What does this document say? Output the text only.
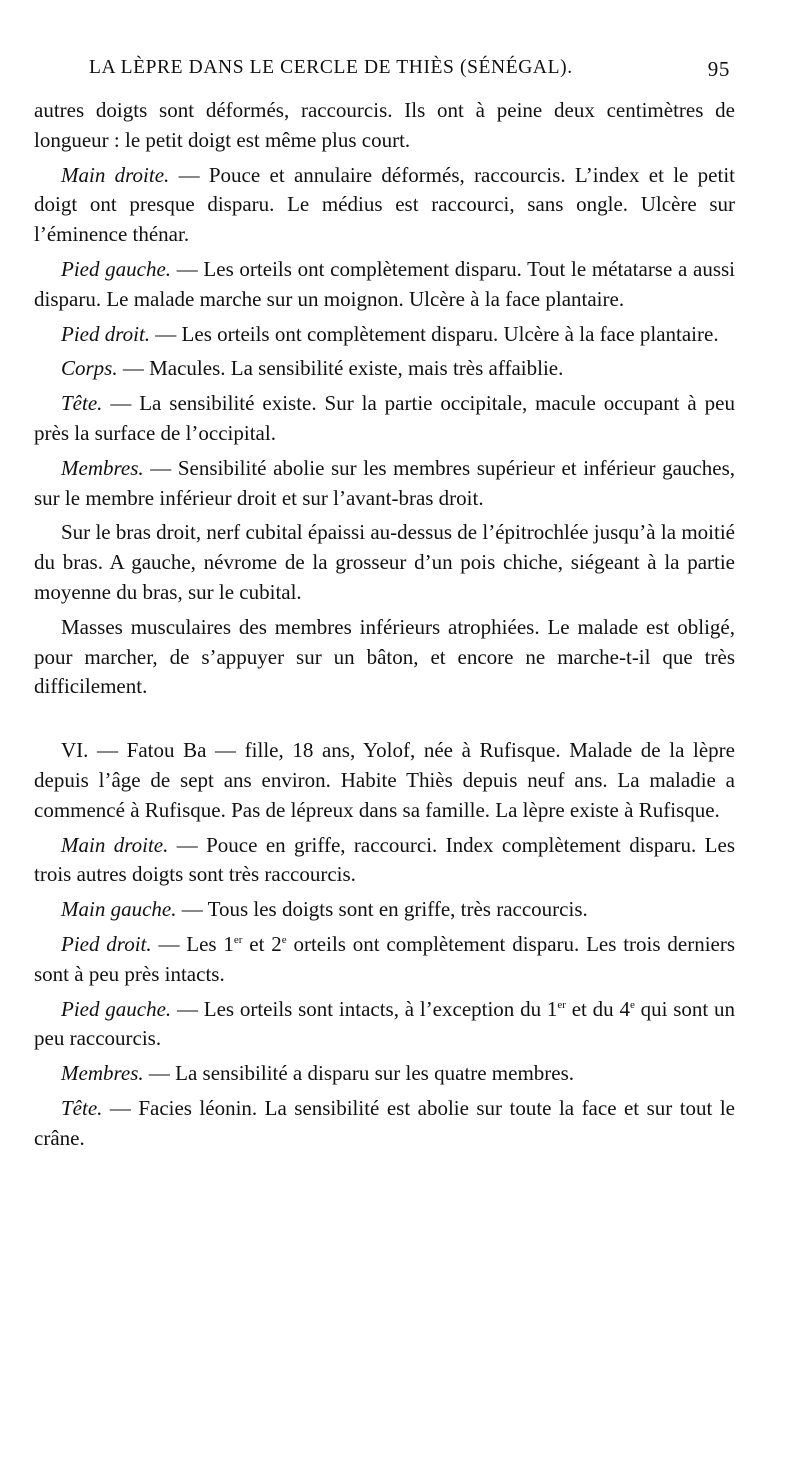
LA LÈPRE DANS LE CERCLE DE THIÈS (SÉNÉGAL).	95

autres doigts sont déformés, raccourcis. Ils ont à peine deux centimètres de longueur : le petit doigt est même plus court.

Main droite. — Pouce et annulaire déformés, raccourcis. L’index et le petit doigt ont presque disparu. Le médius est raccourci, sans ongle. Ulcère sur l’éminence thénar.

Pied gauche. — Les orteils ont complètement disparu. Tout le métatarse a aussi disparu. Le malade marche sur un moignon. Ulcère à la face plantaire.

Pied droit. — Les orteils ont complètement disparu. Ulcère à la face plantaire.

Corps. — Macules. La sensibilité existe, mais très affaiblie.

Tête. — La sensibilité existe. Sur la partie occipitale, macule occupant à peu près la surface de l’occipital.

Membres. — Sensibilité abolie sur les membres supérieur et inférieur gauches, sur le membre inférieur droit et sur l’avant-bras droit.

Sur le bras droit, nerf cubital épaissi au-dessus de l’épitrochlée jusqu’à la moitié du bras. A gauche, névrome de la grosseur d’un pois chiche, siégeant à la partie moyenne du bras, sur le cubital.

Masses musculaires des membres inférieurs atrophiées. Le malade est obligé, pour marcher, de s’appuyer sur un bâton, et encore ne marche-t-il que très difficilement.

VI. — Fatou Ba — fille, 18 ans, Yolof, née à Rufisque. Malade de la lèpre depuis l’âge de sept ans environ. Habite Thiès depuis neuf ans. La maladie a commencé à Rufisque. Pas de lépreux dans sa famille. La lèpre existe à Rufisque.

Main droite. — Pouce en griffe, raccourci. Index complètement disparu. Les trois autres doigts sont très raccourcis.

Main gauche. — Tous les doigts sont en griffe, très raccourcis.

Pied droit. — Les 1er et 2e orteils ont complètement disparu. Les trois derniers sont à peu près intacts.

Pied gauche. — Les orteils sont intacts, à l’exception du 1er et du 4e qui sont un peu raccourcis.

Membres. — La sensibilité a disparu sur les quatre membres.

Tête. — Facies léonin. La sensibilité est abolie sur toute la face et sur tout le crâne.
